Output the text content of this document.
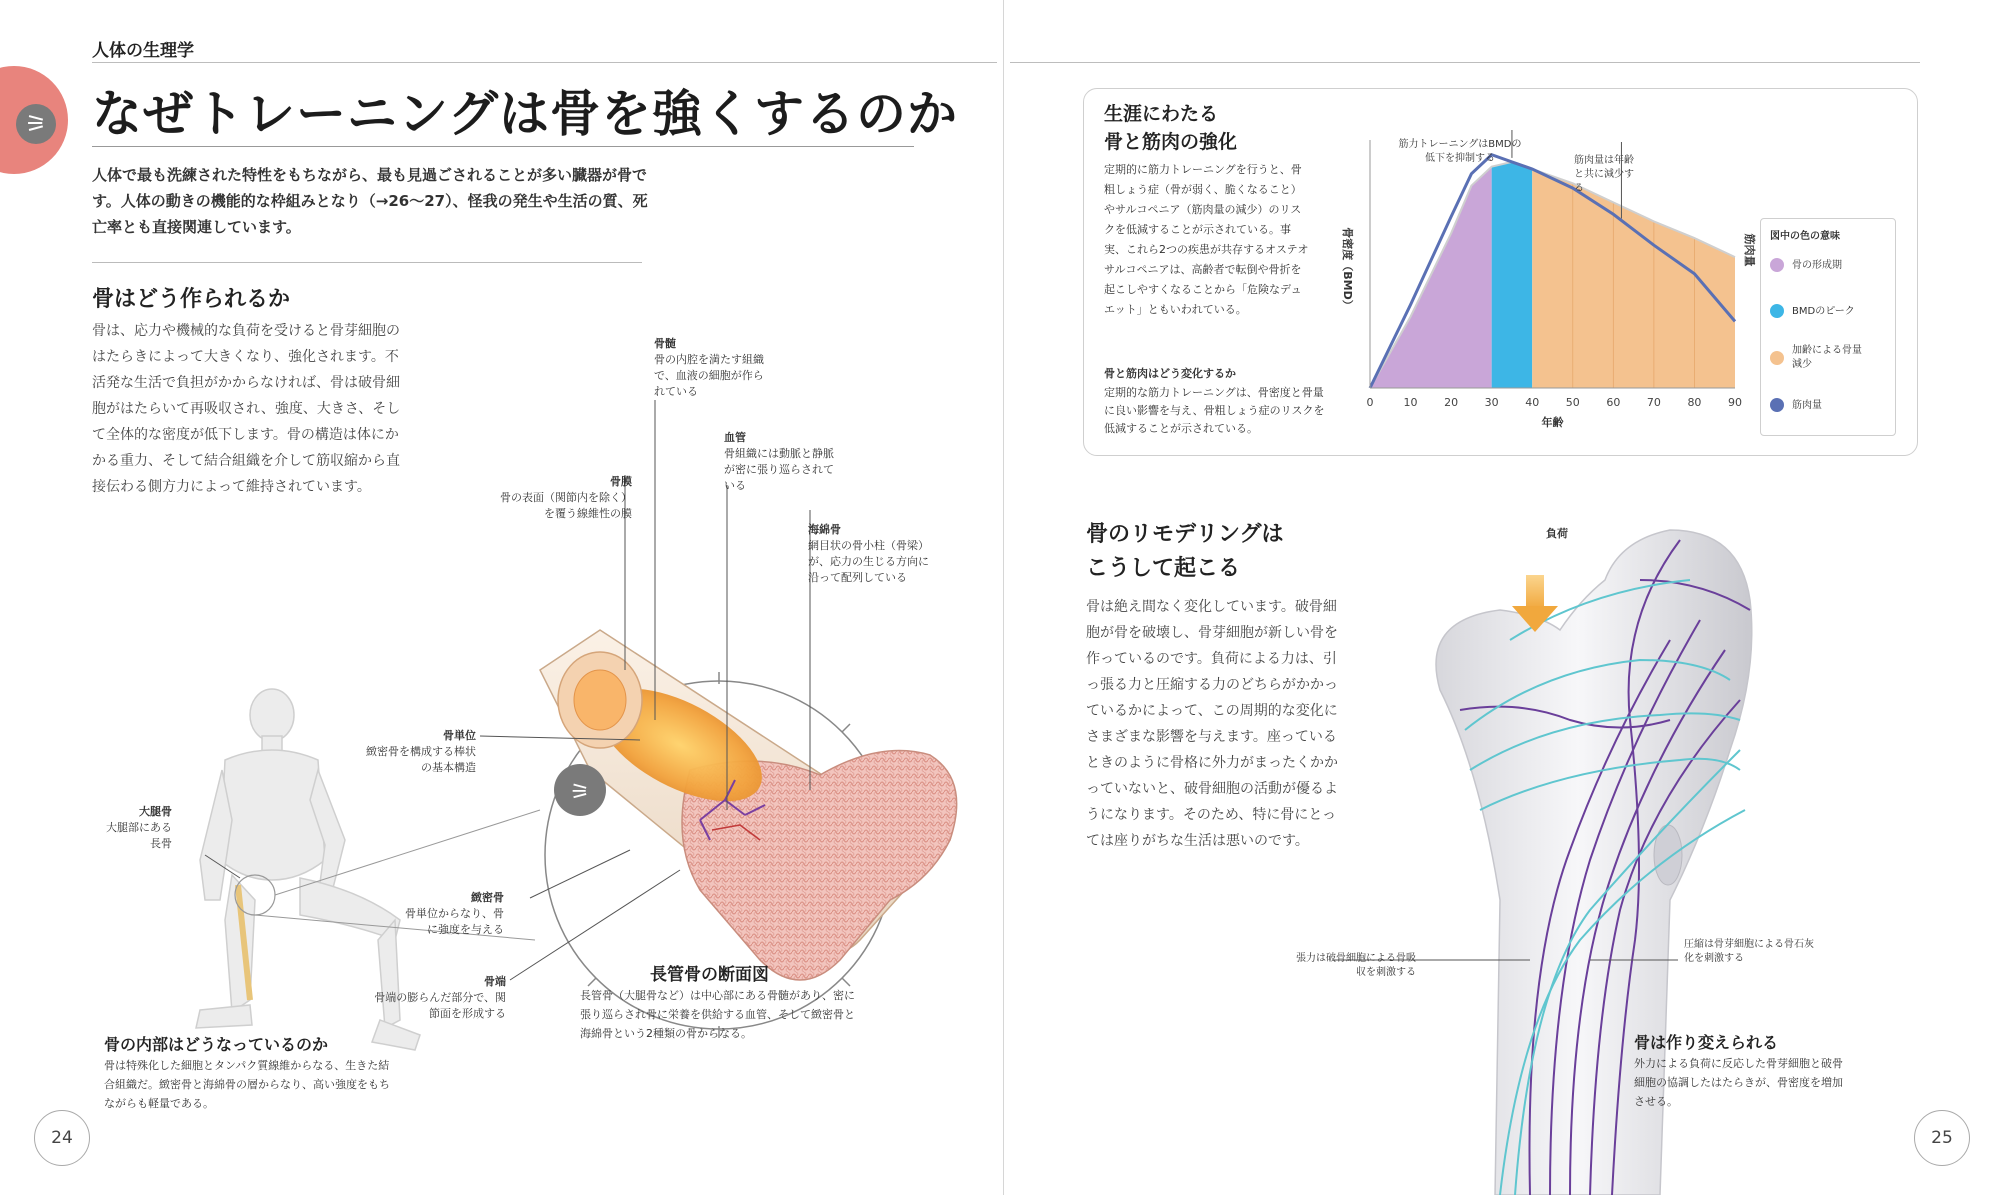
人体の生理学
⚞ なぜトレーニングは骨を強くするのか
人体で最も洗練された特性をもちながら、最も見過ごされることが多い臓器が骨です。人体の動きの機能的な枠組みとなり（→26〜27）、怪我の発生や生活の質、死亡率とも直接関連しています。
骨はどう作られるか
骨は、応力や機械的な負荷を受けると骨芽細胞のはたらきによって大きくなり、強化されます。不活発な生活で負担がかからなければ、骨は破骨細胞がはたらいて再吸収され、強度、大きさ、そして全体的な密度が低下します。骨の構造は体にかかる重力、そして結合組織を介して筋収縮から直接伝わる側方力によって維持されています。
⚞
骨髄
骨の内腔を満たす組織で、血液の細胞が作られている
骨膜
骨の表面（関節内を除く）を覆う線維性の膜
血管
骨組織には動脈と静脈が密に張り巡らされている
海綿骨
網目状の骨小柱（骨梁）が、応力の生じる方向に沿って配列している
骨単位
緻密骨を構成する棒状の基本構造
大腿骨
大腿部にある長骨
緻密骨
骨単位からなり、骨に強度を与える
骨端
骨端の膨らんだ部分で、関節面を形成する
長管骨の断面図
長管骨（大腿骨など）は中心部にある骨髄があり、密に張り巡らされ骨に栄養を供給する血管、そして緻密骨と海綿骨という2種類の骨からなる。
骨の内部はどうなっているのか
骨は特殊化した細胞とタンパク質線維からなる、生きた結合組織だ。緻密骨と海綿骨の層からなり、高い強度をもちながらも軽量である。
24
生涯にわたる
骨と筋肉の強化
定期的に筋力トレーニングを行うと、骨粗しょう症（骨が弱く、脆くなること）やサルコペニア（筋肉量の減少）のリスクを低減することが示されている。事実、これら2つの疾患が共存するオステオサルコペニアは、高齢者で転倒や骨折を起こしやすくなることから「危険なデュエット」ともいわれている。
骨と筋肉はどう変化するか
定期的な筋力トレーニングは、骨密度と骨量に良い影響を与え、骨粗しょう症のリスクを低減することが示されている。
0	10 20 30 40 50 60 70 80 90
年齢
骨密度（BMD）	筋肉量
筋力トレーニングはBMDの低下を抑制する	筋肉量は年齢と共に減少する
図中の色の意味
骨の形成期
BMDのピーク
加齢による骨量減少
筋肉量
骨のリモデリングは
こうして起こる
骨は絶え間なく変化しています。破骨細胞が骨を破壊し、骨芽細胞が新しい骨を作っているのです。負荷による力は、引っ張る力と圧縮する力のどちらがかかっているかによって、この周期的な変化にさまざまな影響を与えます。座っているときのように骨格に外力がまったくかかっていないと、破骨細胞の活動が優るようになります。そのため、特に骨にとっては座りがちな生活は悪いのです。
負荷
張力は破骨細胞による骨吸収を刺激する
圧縮は骨芽細胞による骨石灰化を刺激する
骨は作り変えられる
外力による負荷に反応した骨芽細胞と破骨細胞の協調したはたらきが、骨密度を増加させる。
25
